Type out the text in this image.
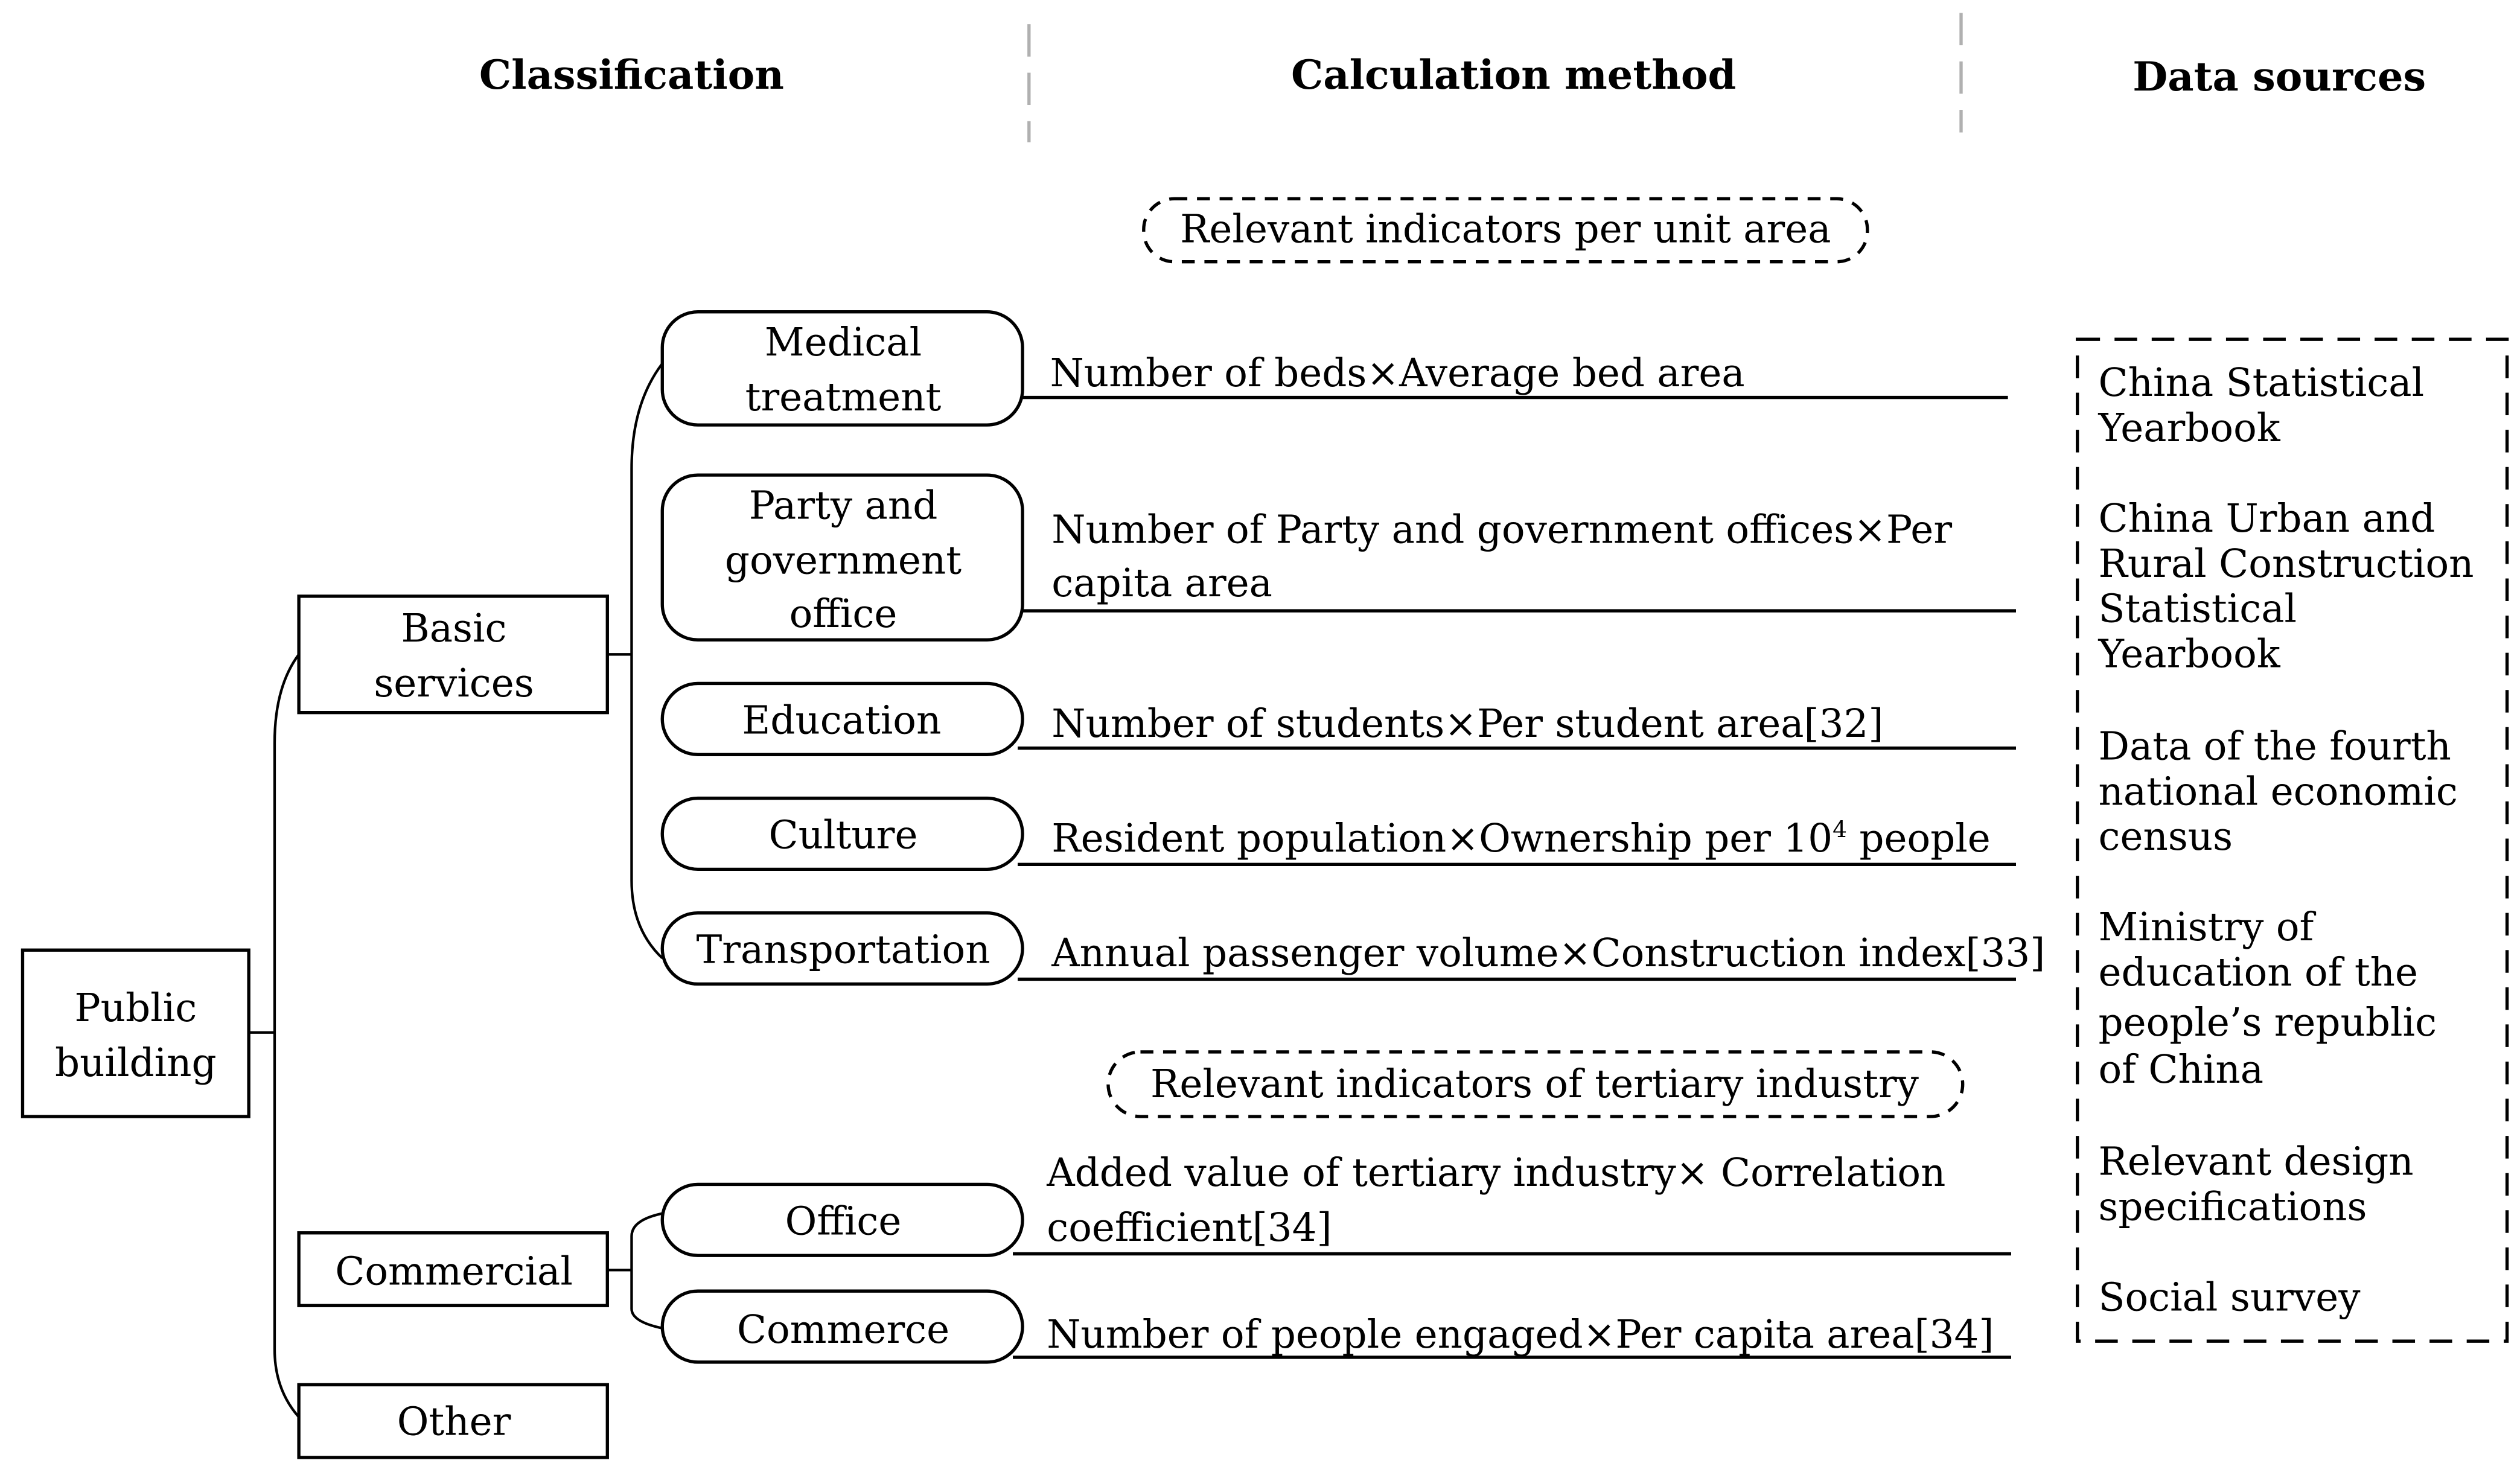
Classification	Calculation method	Data sources
Relevant indicators per unit area
Relevant indicators of tertiary industry
Public
building
Basic
services
Commercial
Other
Medical
treatment
Party and
government
office
Education
Culture
Transportation
Office
Commerce
Number of beds×Average bed area
Number of Party and government offices×Per
capita area
Number of students×Per student area[32]
Resident population×Ownership per $10^4$ people
Annual passenger volume×Construction index[33]
Added value of tertiary industry× Correlation
coefficient[34]
Number of people engaged×Per capita area[34]
China Statistical
Yearbook
China Urban and
Rural Construction
Statistical
Yearbook
Data of the fourth
national economic
census
Ministry of
education of the
people’s republic
of China
Relevant design
specifications
Social survey
